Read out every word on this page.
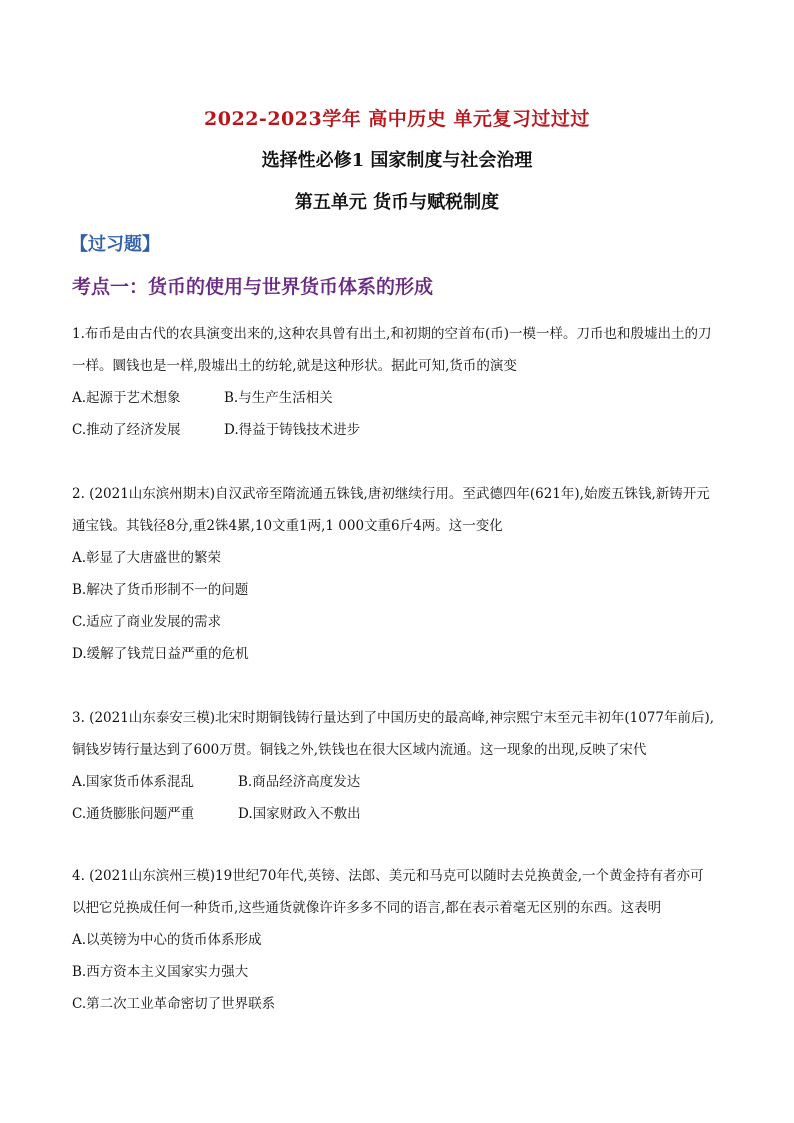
2022-2023学年 高中历史 单元复习过过过
选择性必修1 国家制度与社会治理
第五单元 货币与赋税制度
【过习题】
考点一：货币的使用与世界货币体系的形成

1.布币是由古代的农具演变出来的,这种农具曾有出土,和初期的空首布(币)一模一样。刀币也和殷墟出土的刀

一样。圜钱也是一样,殷墟出土的纺轮,就是这种形状。据此可知,货币的演变

A.起源于艺术想象	B.与生产生活相关
C.推动了经济发展	D.得益于铸钱技术进步

2. (2021山东滨州期末)自汉武帝至隋流通五铢钱,唐初继续行用。至武德四年(621年),始废五铢钱,新铸开元

通宝钱。其钱径8分,重2铢4累,10文重1两,1 000文重6斤4两。这一变化

A.彰显了大唐盛世的繁荣

B.解决了货币形制不一的问题

C.适应了商业发展的需求

D.缓解了钱荒日益严重的危机

3. (2021山东泰安三模)北宋时期铜钱铸行量达到了中国历史的最高峰,神宗熙宁末至元丰初年(1077年前后),

铜钱岁铸行量达到了600万贯。铜钱之外,铁钱也在很大区域内流通。这一现象的出现,反映了宋代

A.国家货币体系混乱	B.商品经济高度发达
C.通货膨胀问题严重	D.国家财政入不敷出

4. (2021山东滨州三模)19世纪70年代,英镑、法郎、美元和马克可以随时去兑换黄金,一个黄金持有者亦可

以把它兑换成任何一种货币,这些通货就像许许多多不同的语言,都在表示着毫无区别的东西。这表明

A.以英镑为中心的货币体系形成

B.西方资本主义国家实力强大

C.第二次工业革命密切了世界联系
